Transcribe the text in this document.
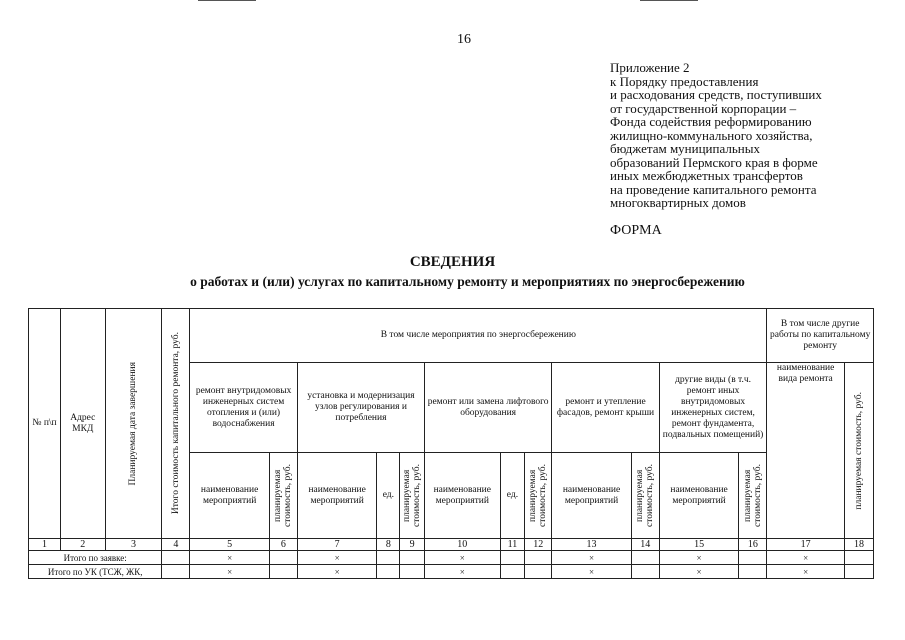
16
Приложение 2
к Порядку предоставления
и расходования средств, поступивших
от государственной корпорации –
Фонда содействия реформированию
жилищно-коммунального хозяйства,
бюджетам муниципальных
образований Пермского края в форме
иных межбюджетных трансфертов
на проведение капитального ремонта
многоквартирных домов
ФОРМА
СВЕДЕНИЯ
о работах и (или) услугах по капитальному ремонту и мероприятиях по энергосбережению
№ п\п	Адрес МКД	Планируемая дата завершения	Итого стоимость капитального ремонта, руб.	В том числе мероприятия по энергосбережению												В том числе другие работы по капитальному ремонту	
				ремонт внутридомовых инженерных систем отопления и (или) водоснабжения		установка и модернизация узлов регулирования и потребления			ремонт или замена лифтового оборудования			ремонт и утепление фасадов, ремонт крыши		другие виды (в т.ч. ремонт иных внутридомовых инженерных систем, ремонт фундамента, подвальных помещений)		наименование вида ремонта	планируемая стоимость, руб.

				наименование мероприятий	планируемая стоимость, руб.	наименование мероприятий	ед.	планируемая стоимость, руб.	наименование мероприятий	ед.	планируемая стоимость, руб.	наименование мероприятий	планируемая стоимость, руб.	наименование мероприятий	планируемая стоимость, руб.		

1	2	3	4	5	6	7	8	9	10	11	12	13	14	15	16	17	18
Итого по заявке:				×		×			×			×		×		×	
Итого по УК (ТСЖ, ЖК,				×		×			×			×		×		×	
